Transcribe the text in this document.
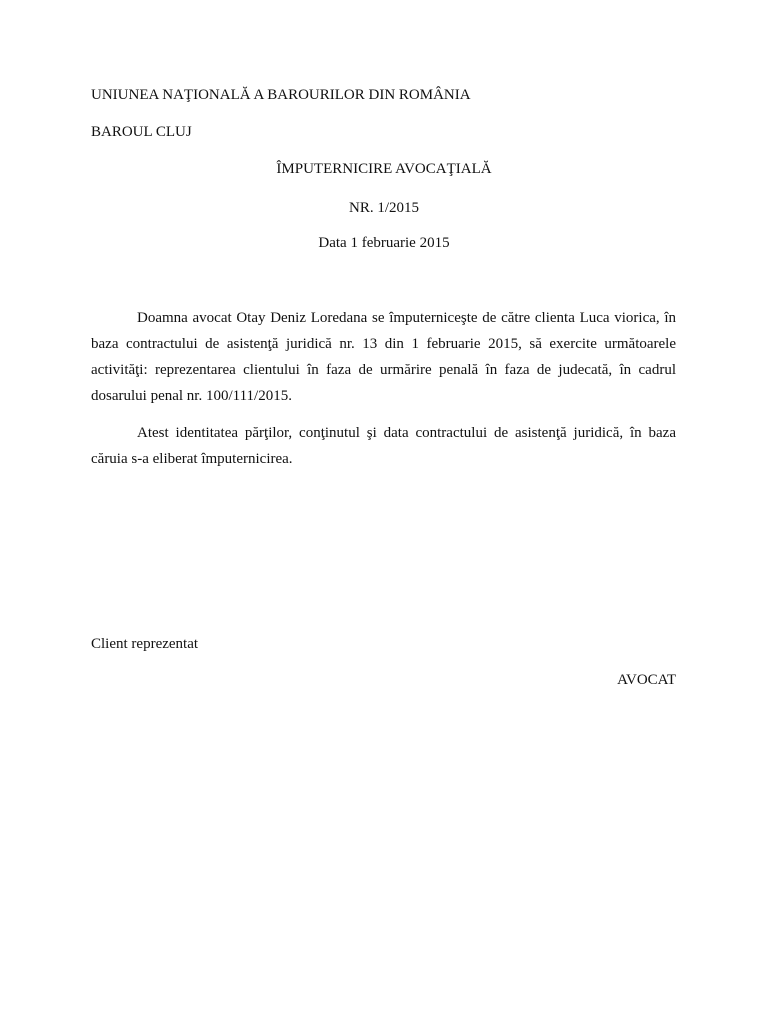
UNIUNEA NAŢIONALĂ A BAROURILOR DIN ROMÂNIA
BAROUL CLUJ
ÎMPUTERNICIRE AVOCAŢIALĂ
NR. 1/2015
Data 1 februarie 2015

Doamna avocat Otay Deniz Loredana se împuterniceşte de către clienta Luca viorica, în baza contractului de asistenţă juridică nr. 13 din 1 februarie 2015, să exercite următoarele activităţi: reprezentarea clientului în faza de urmărire penală în faza de judecată, în cadrul dosarului penal nr. 100/111/2015.

Atest identitatea părţilor, conţinutul şi data contractului de asistenţă juridică, în baza căruia s-a eliberat împuternicirea.

Client reprezentat
AVOCAT
